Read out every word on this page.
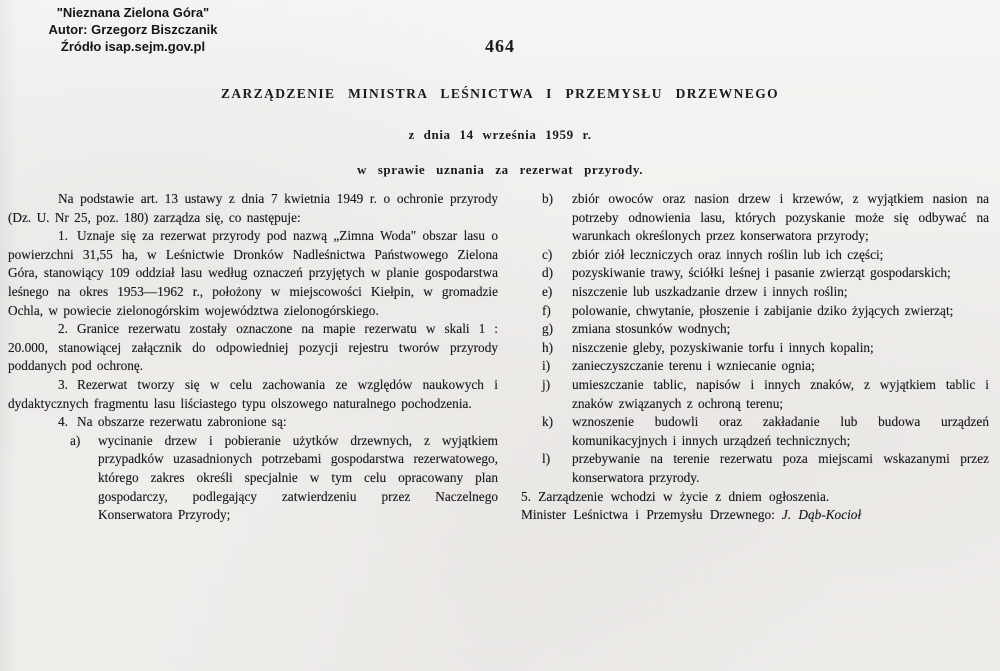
"Nieznana Zielona Góra"
Autor: Grzegorz Biszczanik
Źródło isap.sejm.gov.pl	464
ZARZĄDZENIE MINISTRA LEŚNICTWA I PRZEMYSŁU DRZEWNEGO
z dnia 14 września 1959 r.
w sprawie uznania za rezerwat przyrody.

Na podstawie art. 13 ustawy z dnia 7 kwietnia 1949 r. o ochronie przyrody (Dz. U. Nr 25, poz. 180) zarządza się, co następuje:

1. Uznaje się za rezerwat przyrody pod nazwą „Zimna Woda" obszar lasu o powierzchni 31,55 ha, w Leśnictwie Dronków Nadleśnictwa Państwowego Zielona Góra, stanowiący 109 oddział lasu według oznaczeń przyjętych w planie gospodarstwa leśnego na okres 1953—1962 r., położony w miejscowości Kiełpin, w gromadzie Ochla, w powiecie zielonogórskim województwa zielonogórskiego.

2. Granice rezerwatu zostały oznaczone na mapie rezerwatu w skali 1 : 20.000, stanowiącej załącznik do odpowiedniej pozycji rejestru tworów przyrody poddanych pod ochronę.

3. Rezerwat tworzy się w celu zachowania ze względów naukowych i dydaktycznych fragmentu lasu liściastego typu olszowego naturalnego pochodzenia.

4. Na obszarze rezerwatu zabronione są:

a) wycinanie drzew i pobieranie użytków drzewnych, z wyjątkiem przypadków uzasadnionych potrzebami gospodarstwa rezerwatowego, którego zakres określi specjalnie w tym celu opracowany plan gospodarczy, podlegający zatwierdzeniu przez Naczelnego Konserwatora Przyrody;

b) zbiór owoców oraz nasion drzew i krzewów, z wyjątkiem nasion na potrzeby odnowienia lasu, których pozyskanie może się odbywać na warunkach określonych przez konserwatora przyrody;

c) zbiór ziół leczniczych oraz innych roślin lub ich części;

d) pozyskiwanie trawy, ściółki leśnej i pasanie zwierząt gospodarskich;

e) niszczenie lub uszkadzanie drzew i innych roślin;

f) polowanie, chwytanie, płoszenie i zabijanie dziko żyjących zwierząt;

g) zmiana stosunków wodnych;

h) niszczenie gleby, pozyskiwanie torfu i innych kopalin;

i) zanieczyszczanie terenu i wzniecanie ognia;

j) umieszczanie tablic, napisów i innych znaków, z wyjątkiem tablic i znaków związanych z ochroną terenu;

k) wznoszenie budowli oraz zakładanie lub budowa urządzeń komunikacyjnych i innych urządzeń technicznych;

l) przebywanie na terenie rezerwatu poza miejscami wskazanymi przez konserwatora przyrody.

5. Zarządzenie wchodzi w życie z dniem ogłoszenia.

Minister Leśnictwa i Przemysłu Drzewnego: J. Dąb-Kocioł
